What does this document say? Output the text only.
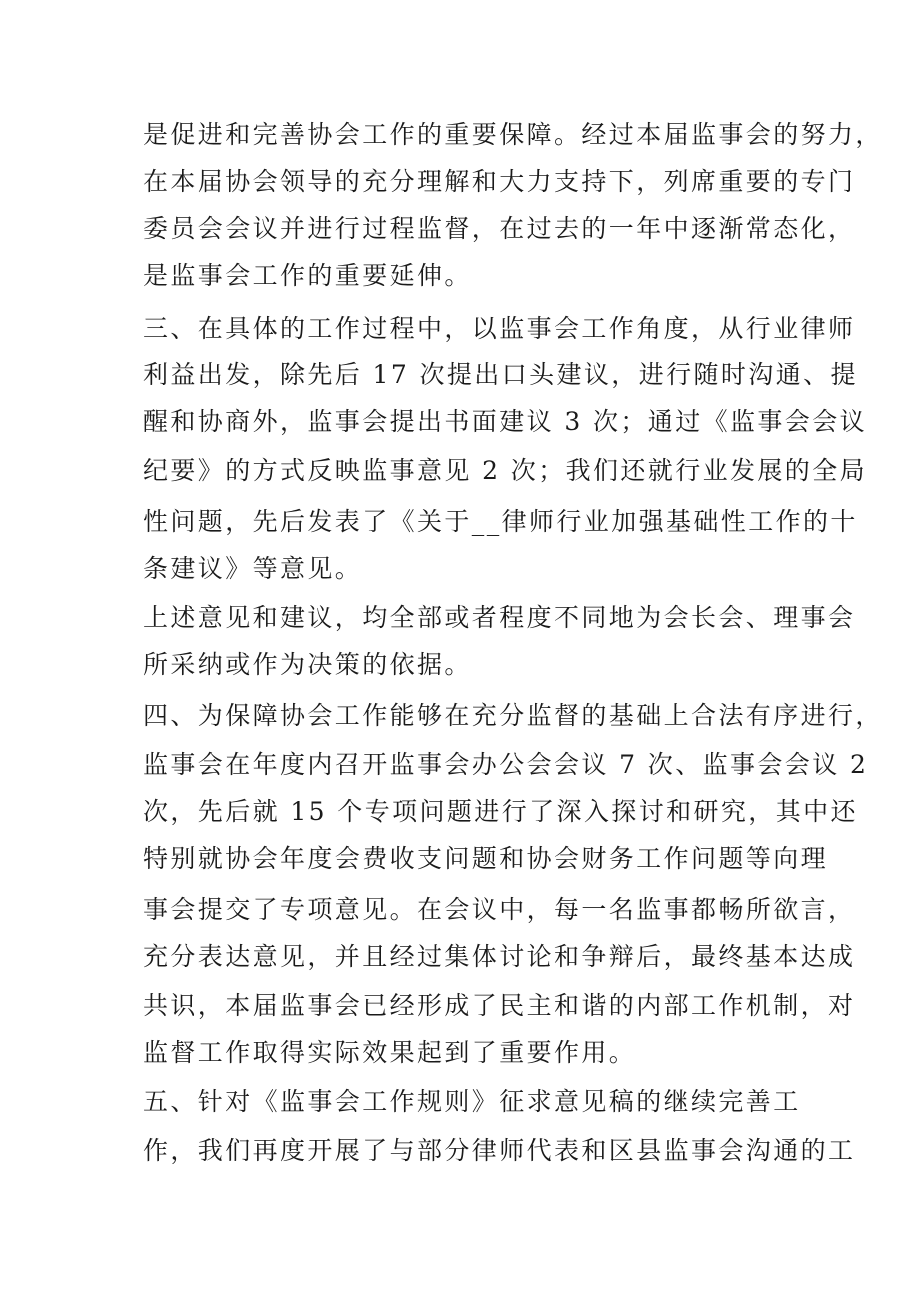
是促进和完善协会工作的重要保障。经过本届监事会的努力，
在本届协会领导的充分理解和大力支持下，列席重要的专门
委员会会议并进行过程监督，在过去的一年中逐渐常态化，
是监事会工作的重要延伸。
三、在具体的工作过程中，以监事会工作角度，从行业律师
利益出发，除先后 17 次提出口头建议，进行随时沟通、提
醒和协商外，监事会提出书面建议 3 次；通过《监事会会议
纪要》的方式反映监事意见 2 次；我们还就行业发展的全局
性问题，先后发表了《关于__律师行业加强基础性工作的十
条建议》等意见。
上述意见和建议，均全部或者程度不同地为会长会、理事会
所采纳或作为决策的依据。
四、为保障协会工作能够在充分监督的基础上合法有序进行，
监事会在年度内召开监事会办公会会议 7 次、监事会会议 2
次，先后就 15 个专项问题进行了深入探讨和研究，其中还
特别就协会年度会费收支问题和协会财务工作问题等向理
事会提交了专项意见。在会议中，每一名监事都畅所欲言，
充分表达意见，并且经过集体讨论和争辩后，最终基本达成
共识，本届监事会已经形成了民主和谐的内部工作机制，对
监督工作取得实际效果起到了重要作用。
五、针对《监事会工作规则》征求意见稿的继续完善工
作，我们再度开展了与部分律师代表和区县监事会沟通的工
